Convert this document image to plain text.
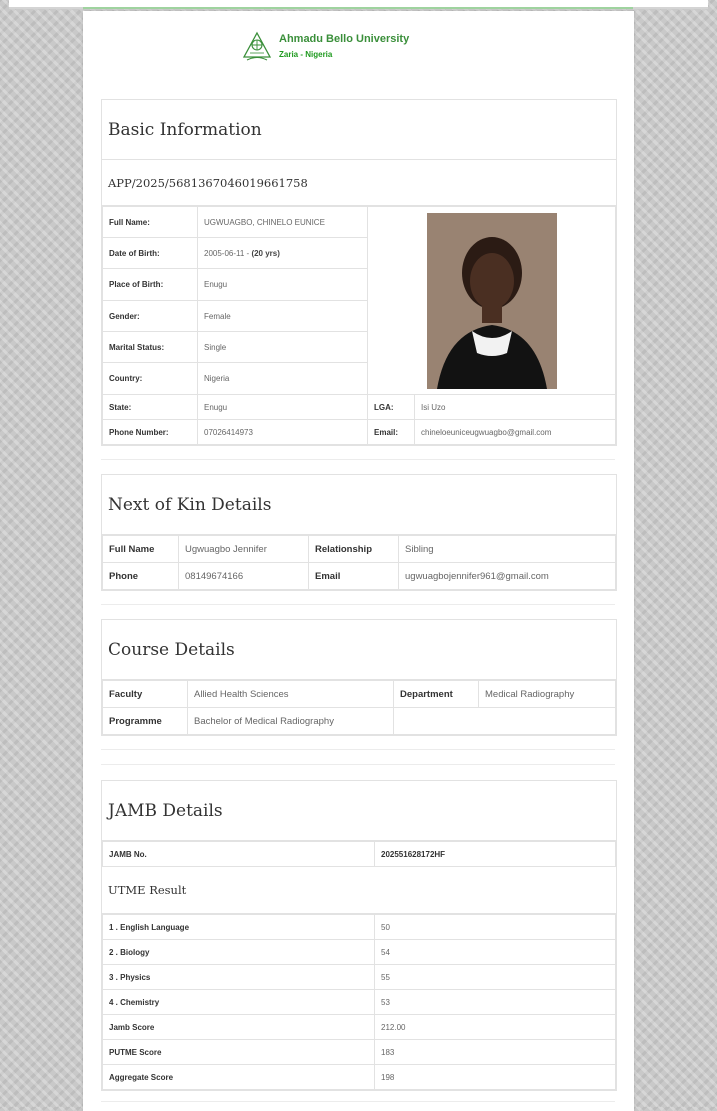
Ahmadu Bello University
Zaria - Nigeria
Basic Information
APP/2025/5681367046019661758
Full Name:	UGWUAGBO, CHINELO EUNICE	

Date of Birth:	2005-06-11 - (20 yrs)		
Place of Birth:	Enugu		
Gender:	Female		
Marital Status:	Single		
Country:	Nigeria		
State:	Enugu	LGA:	Isi Uzo
Phone Number:	07026414973	Email:	chineloeuniceugwuagbo@gmail.com
Next of Kin Details
Full Name	Ugwuagbo Jennifer	Relationship	Sibling
Phone	08149674166	Email	ugwuagbojennifer961@gmail.com
Course Details
Faculty	Allied Health Sciences	Department	Medical Radiography
Programme	Bachelor of Medical Radiography		
JAMB Details
JAMB No.	202551628172HF
UTME Result
1 . English Language	50
2 . Biology	54
3 . Physics	55
4 . Chemistry	53
Jamb Score	212.00
PUTME Score	183
Aggregate Score	198
